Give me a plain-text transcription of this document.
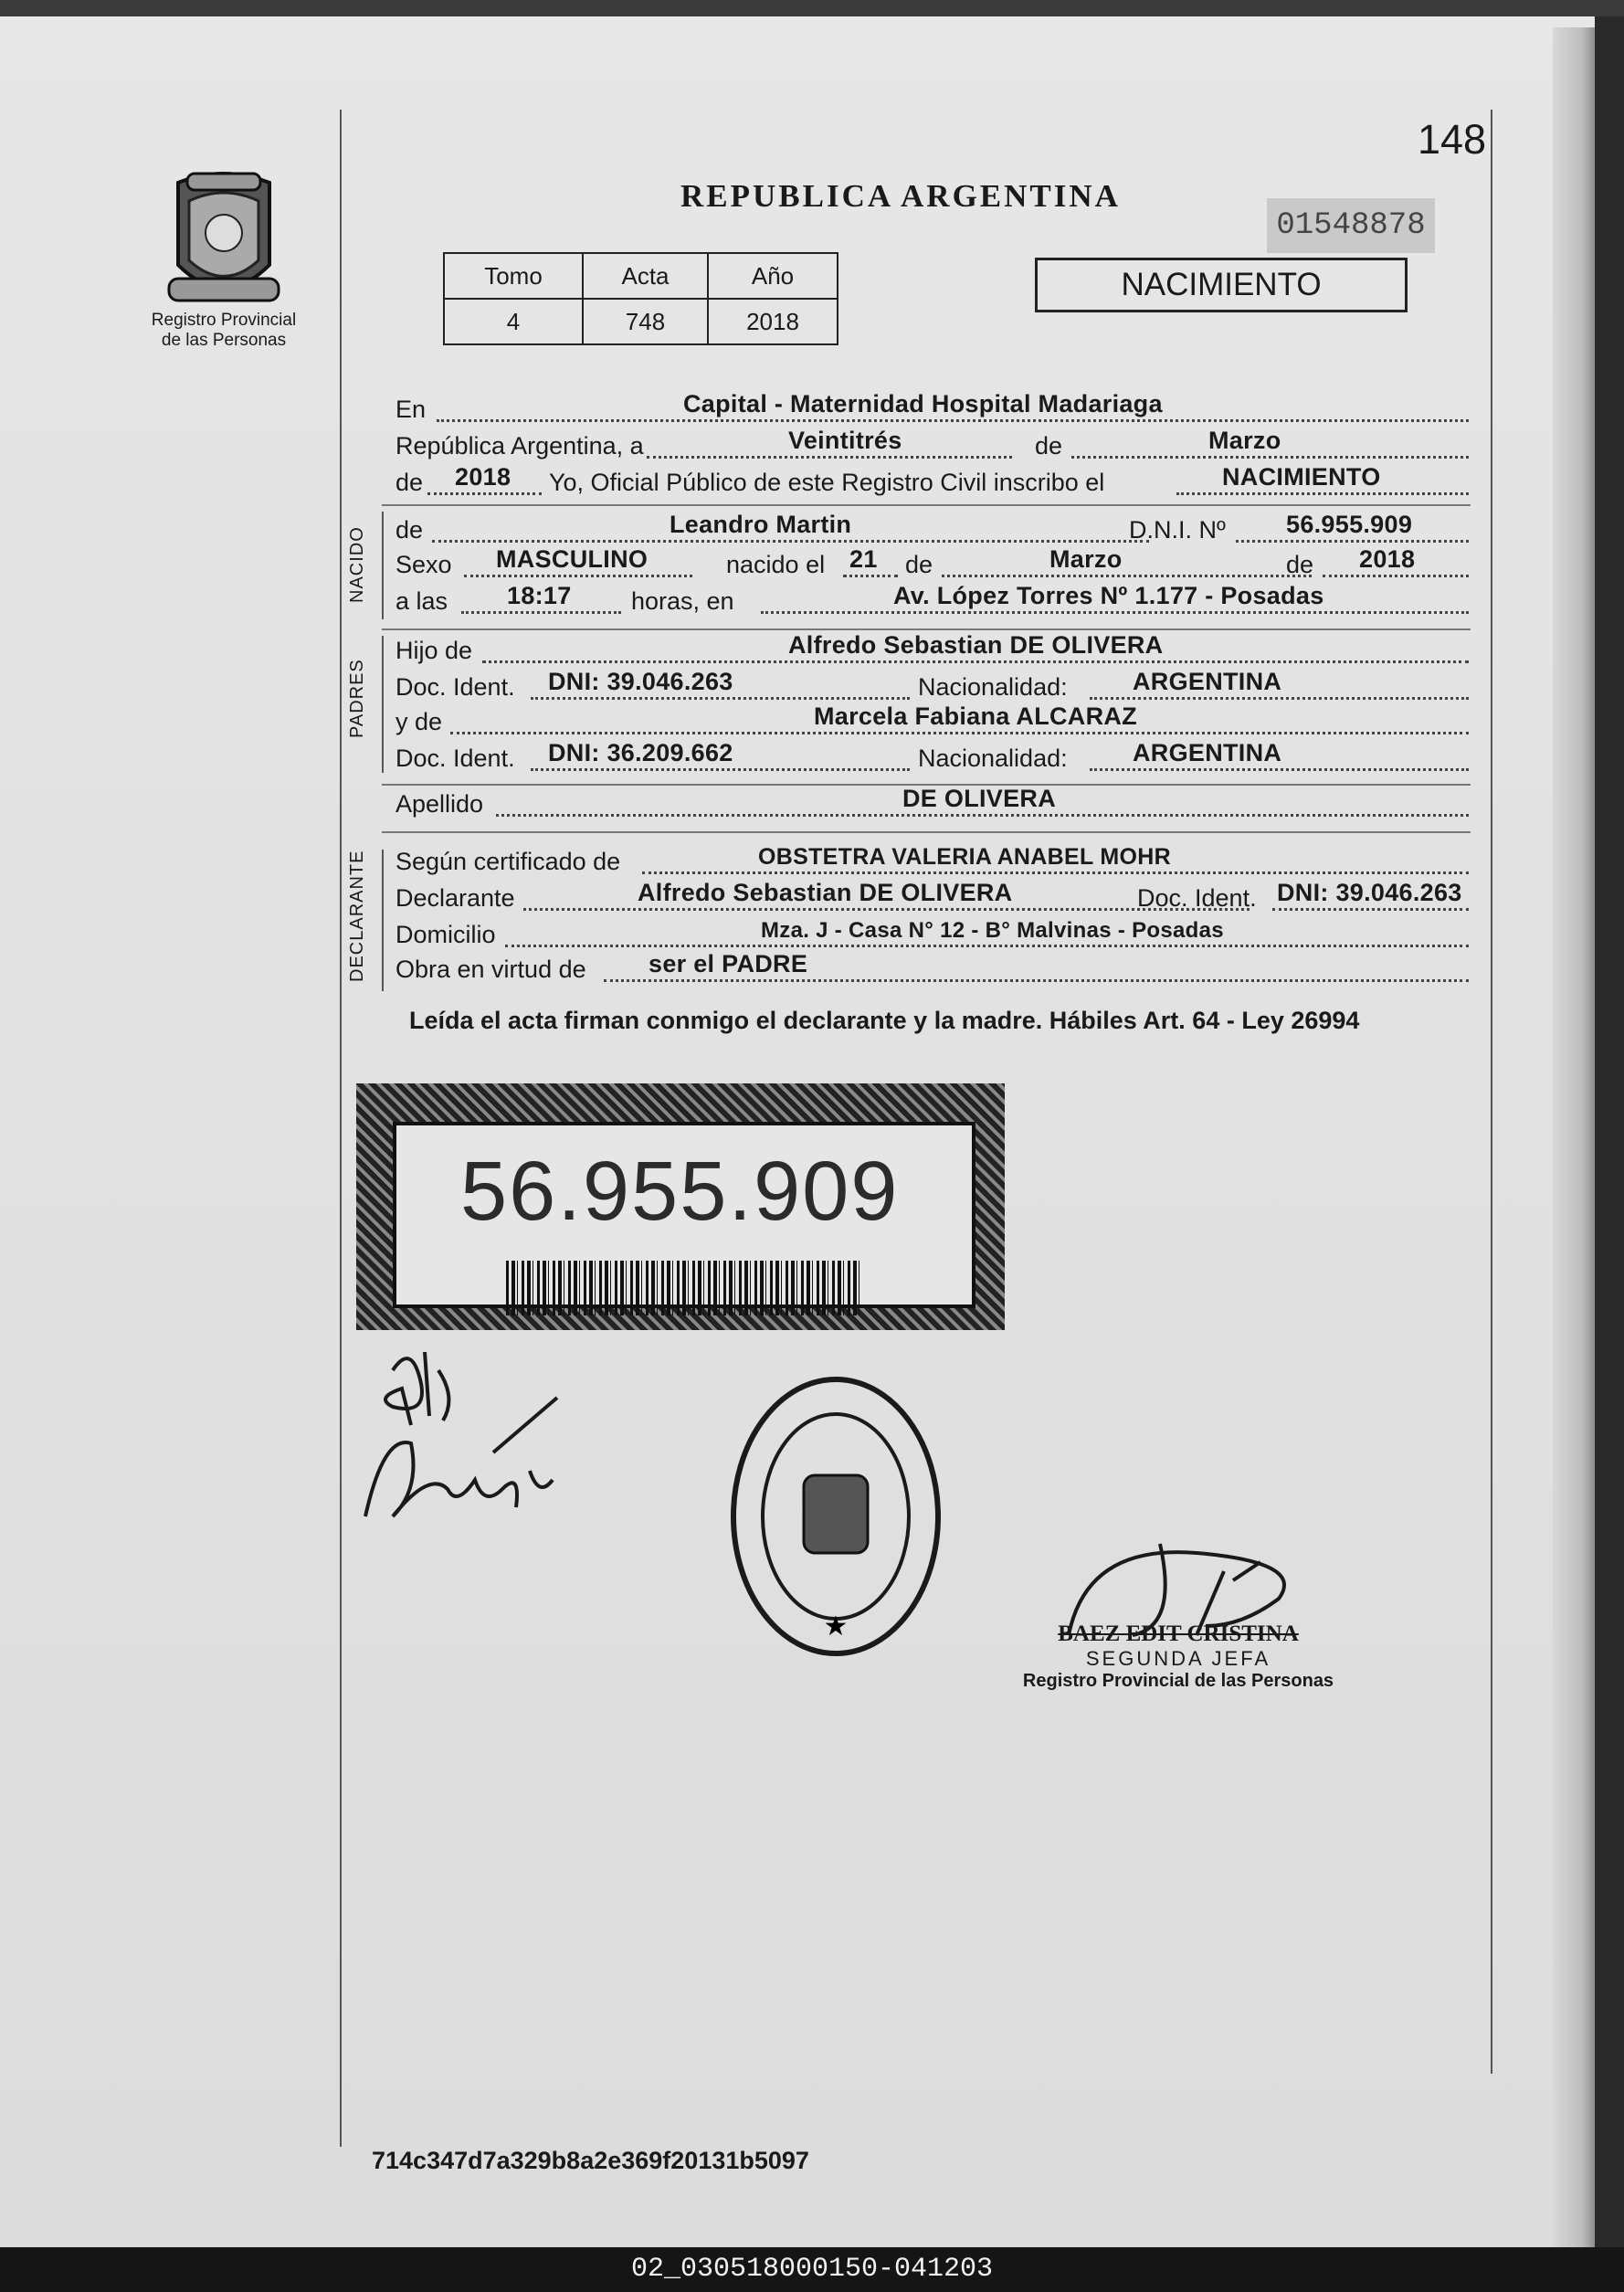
148
Registro Provincial
de las Personas
REPUBLICA ARGENTINA
01548878
Tomo	Acta	Año
4	748	2018
NACIMIENTO
En	Capital - Maternidad Hospital Madariaga
República Argentina, a	Veintitrés	de	Marzo
de 2018 Yo, Oficial Público de este Registro Civil inscribo el	NACIMIENTO
NACIDO de	Leandro Martin	D.N.I. Nº 56.955.909
Sexo MASCULINO	nacido el 21 de	Marzo	de 2018
a las 18:17 horas, en	Av. López Torres Nº 1.177 - Posadas
PADRES
Hijo de	Alfredo Sebastian DE OLIVERA
Doc. Ident. DNI: 39.046.263	Nacionalidad:	ARGENTINA
y de	Marcela Fabiana ALCARAZ
Doc. Ident. DNI: 36.209.662	Nacionalidad:	ARGENTINA
Apellido	DE OLIVERA
DECLARANTE Según certificado de	OBSTETRA VALERIA ANABEL MOHR
Declarante	Alfredo Sebastian DE OLIVERA	Doc. Ident. DNI: 39.046.263
Domicilio	Mza. J - Casa N° 12 - B° Malvinas - Posadas
Obra en virtud de	ser el PADRE
Leída el acta firman conmigo el declarante y la madre. Hábiles Art. 64 - Ley 26994
56.955.909
★	BAEZ EDIT CRISTINA
SEGUNDA JEFA
Registro Provincial de las Personas
714c347d7a329b8a2e369f20131b5097
02_030518000150-041203
